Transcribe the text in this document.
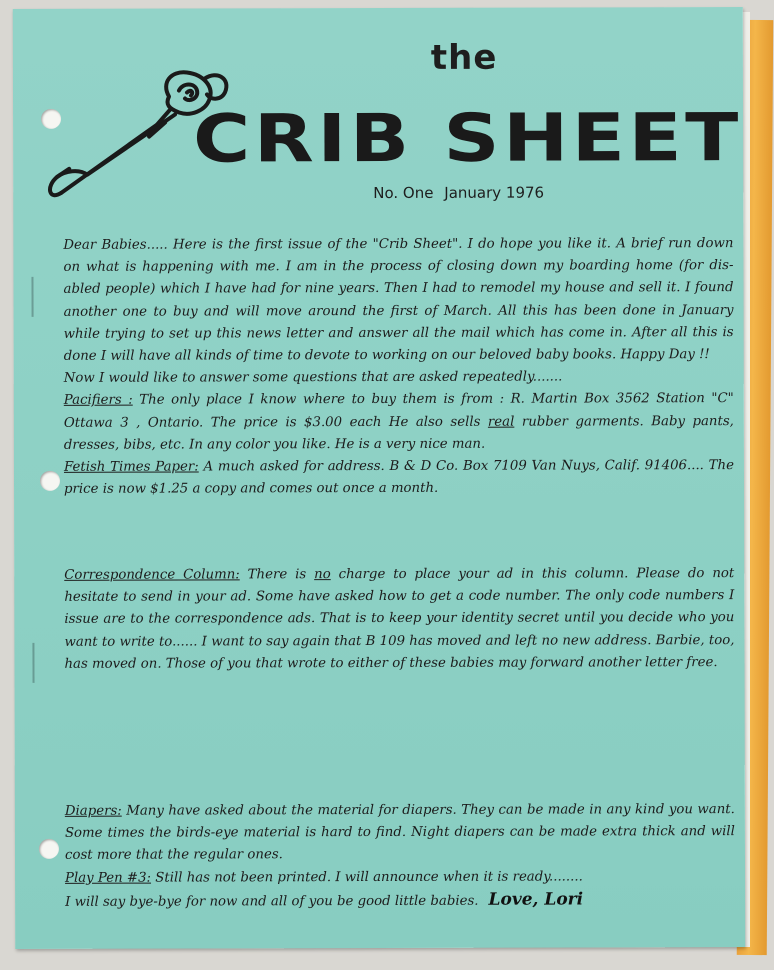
the
CRIB SHEET
No. One January 1976

Dear Babies..... Here is the first issue of the "Crib Sheet". I do hope you like it. A brief run down on what is happening with me. I am in the process of closing down my boarding home (for dis-abled people) which I have had for nine years. Then I had to remodel my house and sell it. I found another one to buy and will move around the first of March. All this has been done in January while trying to set up this news letter and answer all the mail which has come in. After all this is done I will have all kinds of time to devote to working on our beloved baby books. Happy Day !!

Now I would like to answer some questions that are asked repeatedly.......

Pacifiers : The only place I know where to buy them is from : R. Martin Box 3562 Station "C" Ottawa 3 , Ontario. The price is $3.00 each He also sells real rubber garments. Baby pants, dresses, bibs, etc. In any color you like. He is a very nice man.

Fetish Times Paper: A much asked for address. B & D Co. Box 7109 Van Nuys, Calif. 91406.... The price is now $1.25 a copy and comes out once a month.

Correspondence Column: There is no charge to place your ad in this column. Please do not hesitate to send in your ad. Some have asked how to get a code number. The only code numbers I issue are to the correspondence ads. That is to keep your identity secret until you decide who you want to write to...... I want to say again that B 109 has moved and left no new address. Barbie, too, has moved on. Those of you that wrote to either of these babies may forward another letter free.

Diapers: Many have asked about the material for diapers. They can be made in any kind you want. Some times the birds-eye material is hard to find. Night diapers can be made extra thick and will cost more that the regular ones.

Play Pen #3: Still has not been printed. I will announce when it is ready........

I will say bye-bye for now and all of you be good little babies. Love, Lori
